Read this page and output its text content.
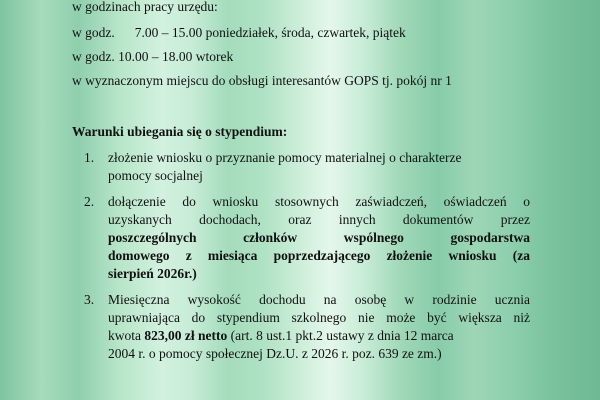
w godzinach pracy urzędu:
w godz. 7.00 – 15.00 poniedziałek, środa, czwartek, piątek
w godz. 10.00 – 18.00 wtorek
w wyznaczonym miejscu do obsługi interesantów GOPS tj. pokój nr 1
Warunki ubiegania się o stypendium:
1.	złożenie wniosku o przyznanie pomocy materialnej o charakterze
pomocy socjalnej
2.	dołączenie do wniosku stosownych zaświadczeń, oświadczeń o
uzyskanych dochodach, oraz innych dokumentów przez
poszczególnych członków wspólnego gospodarstwa
domowego z miesiąca poprzedzającego złożenie wniosku (za
sierpień 2026r.)
3.	Miesięczna wysokość dochodu na osobę w rodzinie ucznia
uprawniająca do stypendium szkolnego nie może być większa niż
kwota 823,00 zł netto (art. 8 ust.1 pkt.2 ustawy z dnia 12 marca
2004 r. o pomocy społecznej Dz.U. z 2026 r. poz. 639 ze zm.)
